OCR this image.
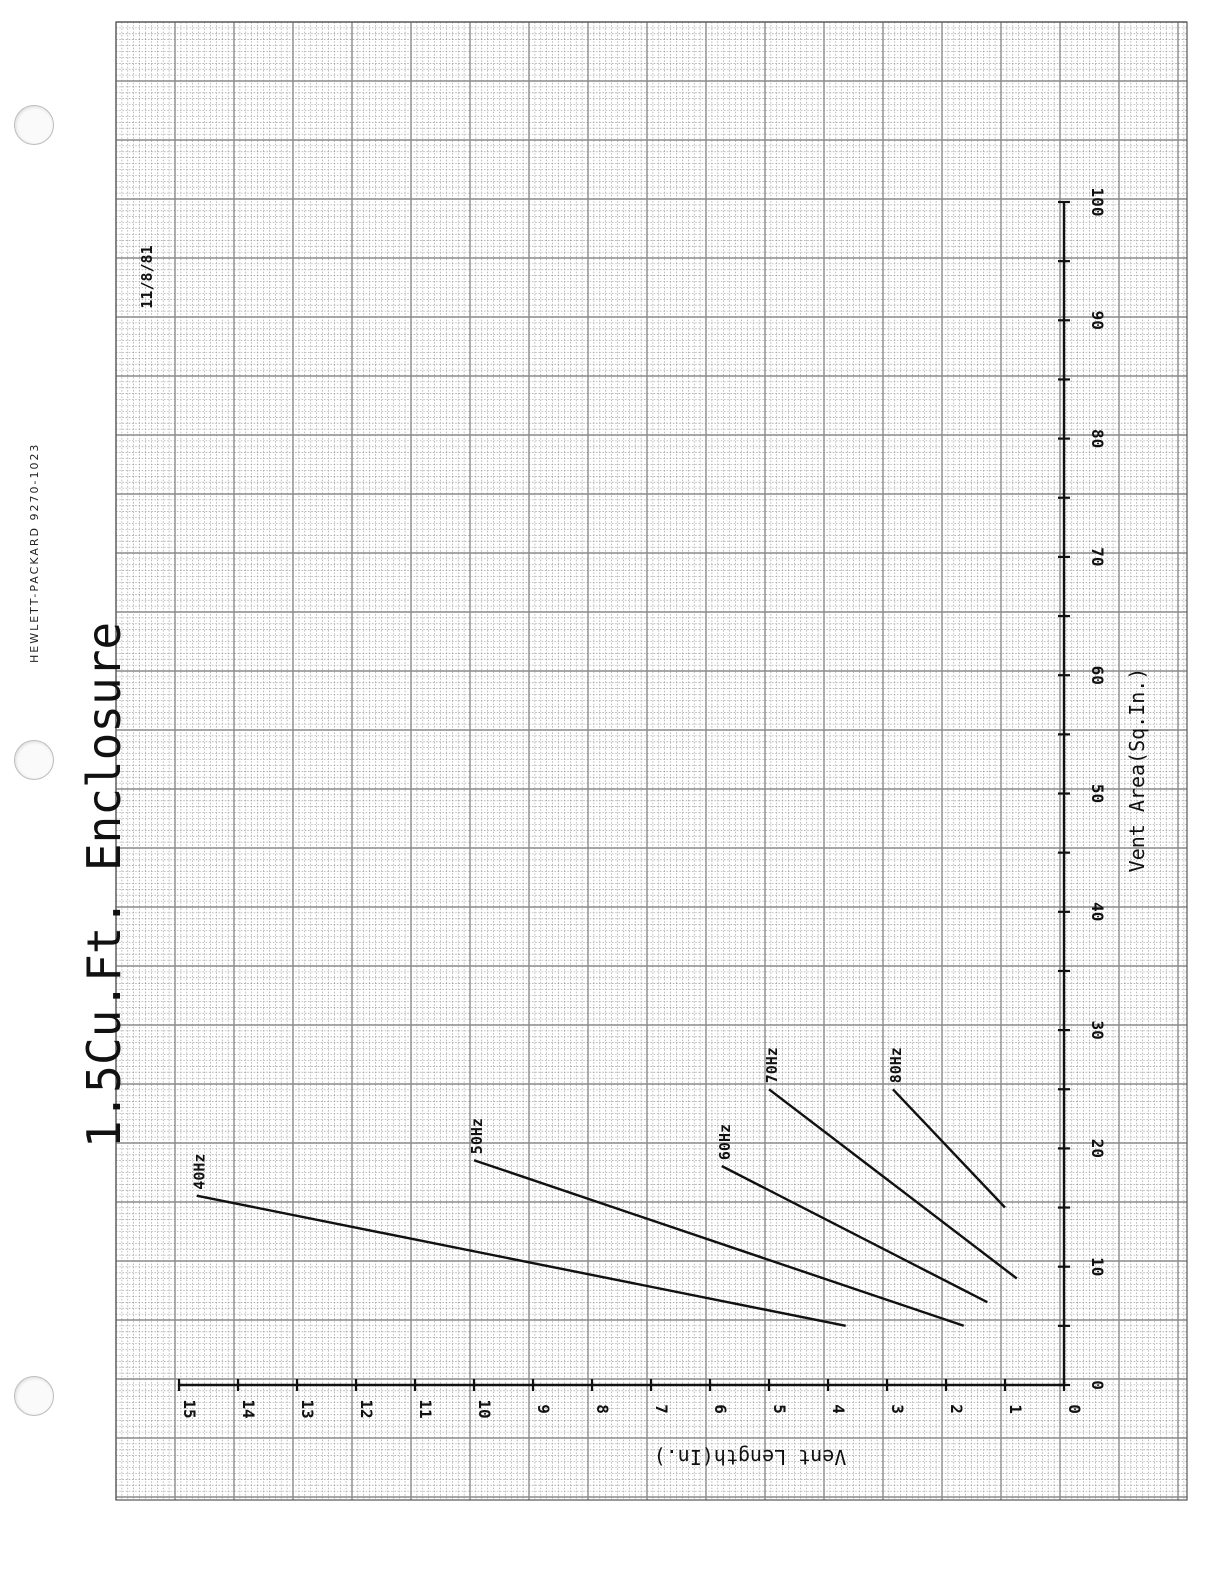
HEWLETT-PACKARD 9270-1023
0
10
20
30
40
50
60
70
80
90
100
0
1
2
3
4
5
6
7
8
9
10
11
12
13
14
15
Vent Area(Sq.In.)
Vent Length(In.)
1.5Cu.Ft. Enclosure
11/8/81
40Hz
50Hz	60Hz
70Hz	80Hz
